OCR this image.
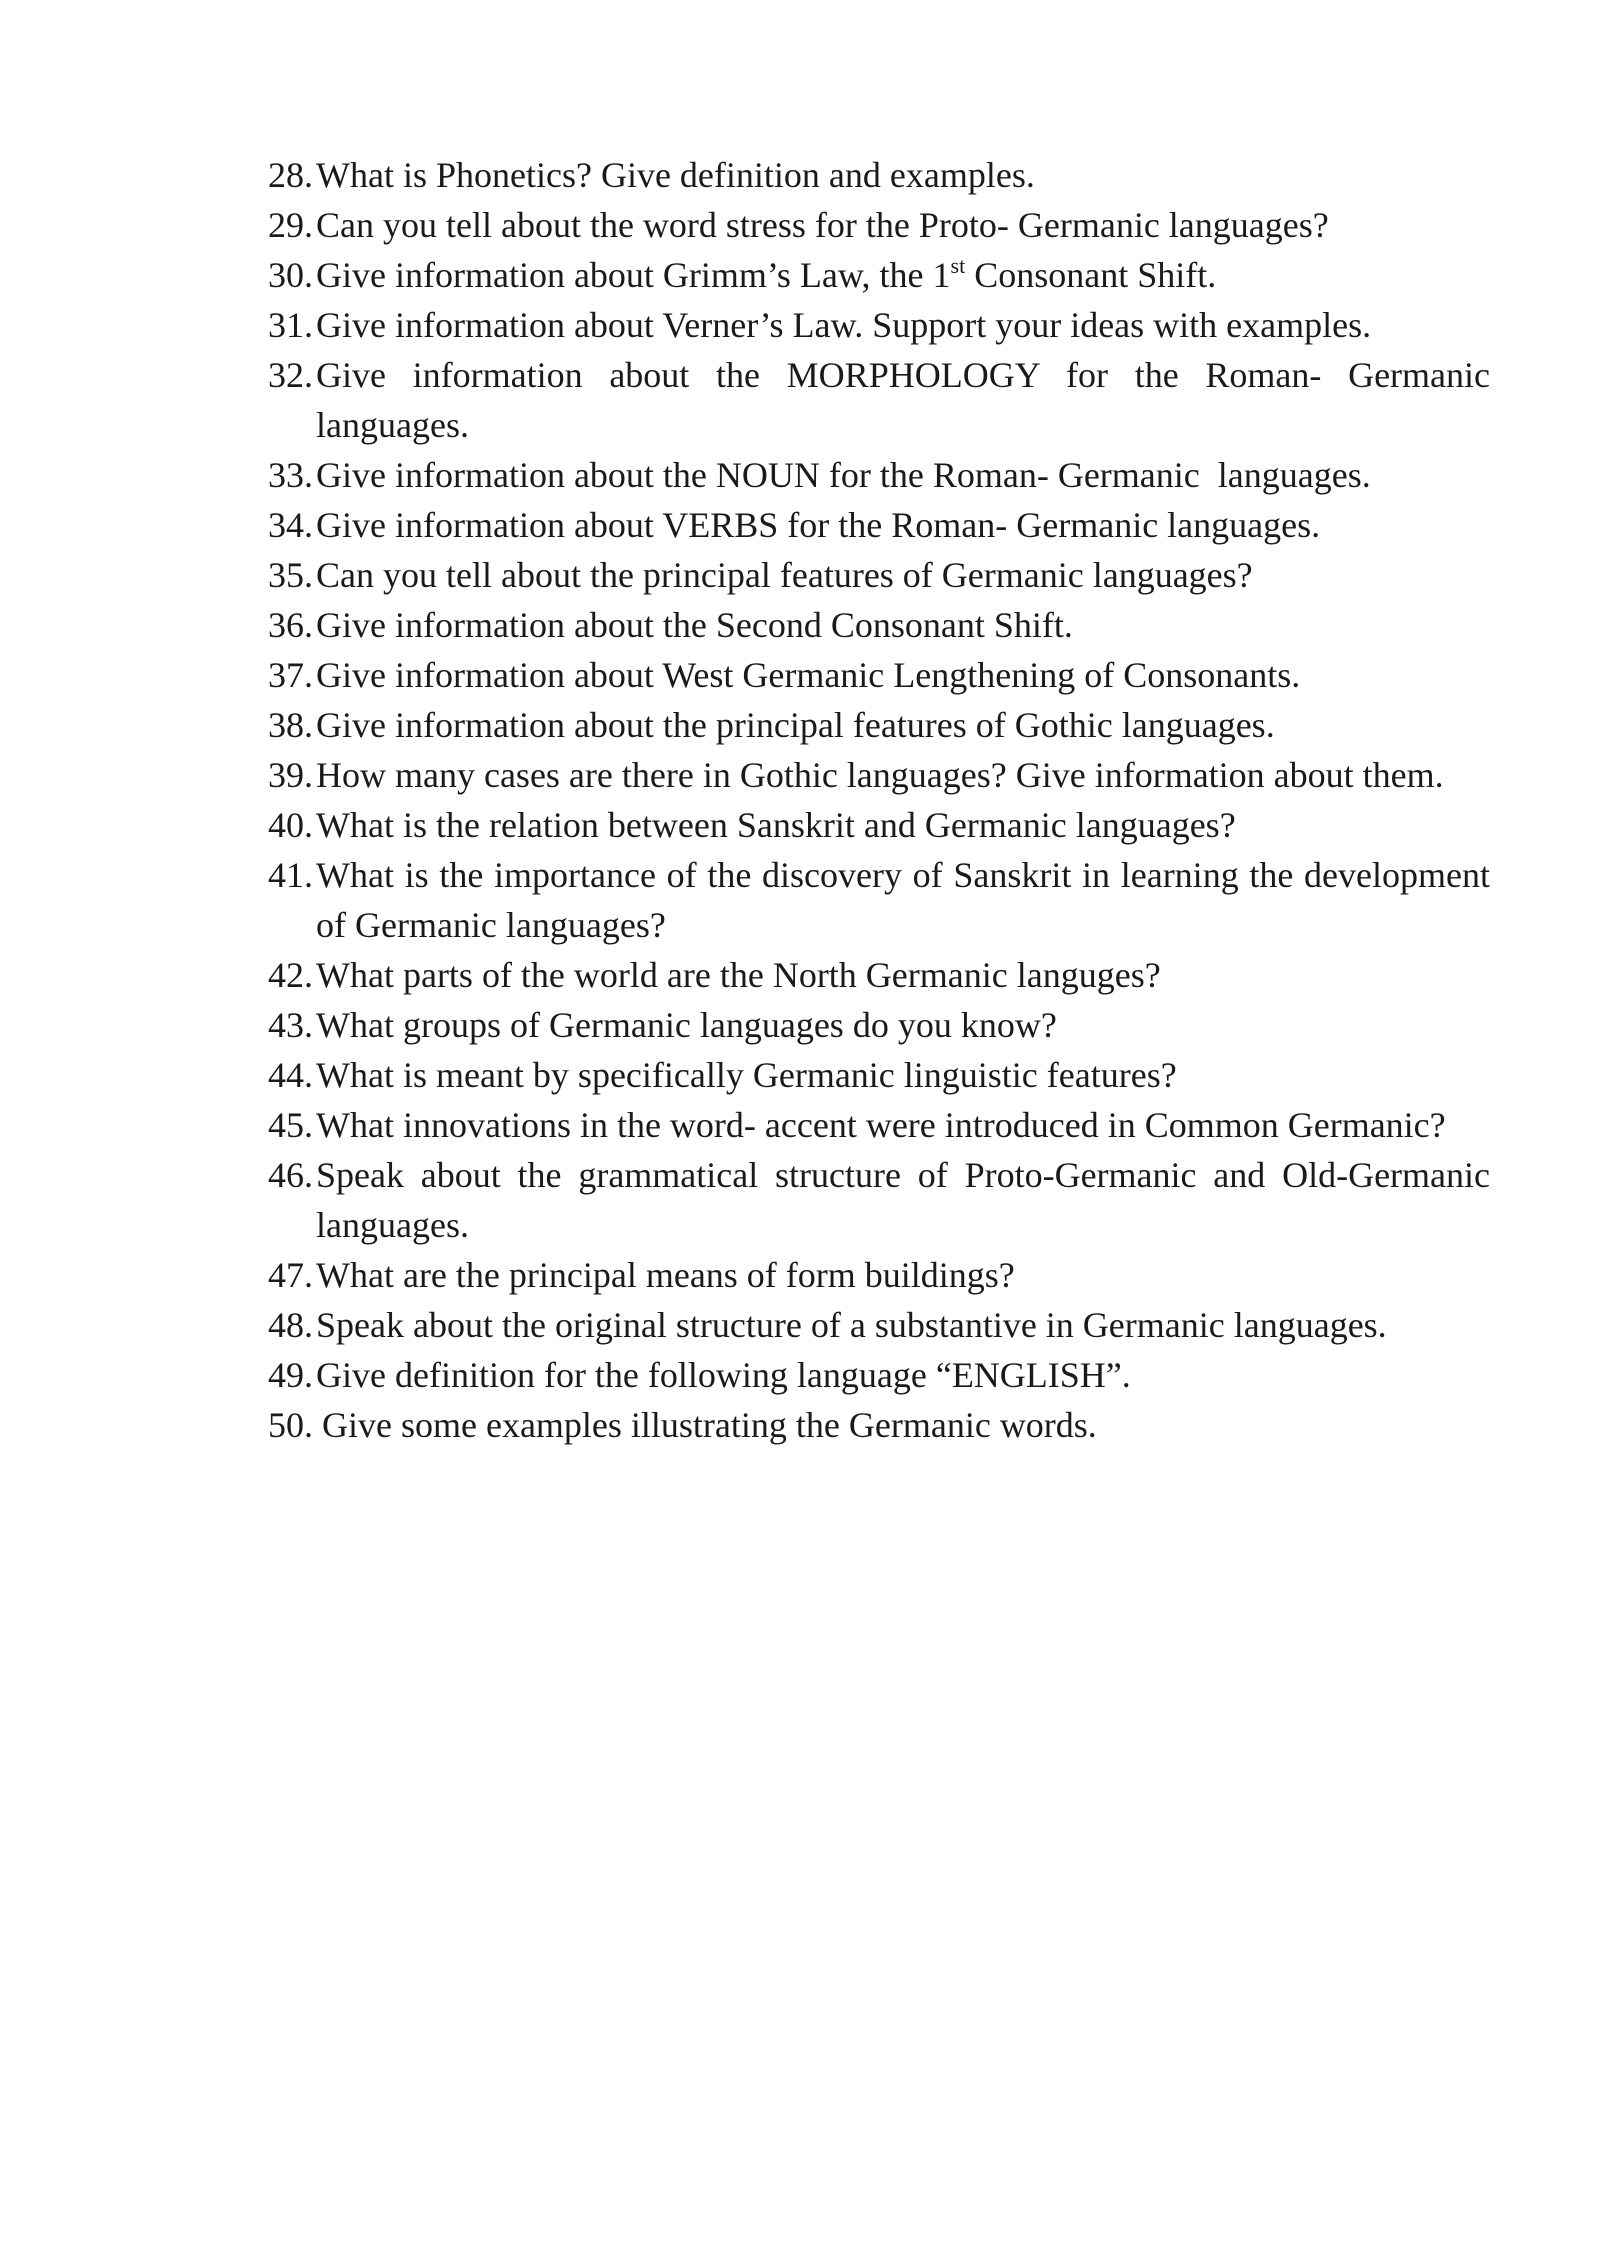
28. What is Phonetics? Give definition and examples.
29. Can you tell about the word stress for the Proto- Germanic languages?
30. Give information about Grimm’s Law, the 1st Consonant Shift.
31. Give information about Verner’s Law. Support your ideas with examples.
32. Give information about the MORPHOLOGY for the Roman- Germanic languages.
33. Give information about the NOUN for the Roman- Germanic  languages.
34. Give information about VERBS for the Roman- Germanic languages.
35. Can you tell about the principal features of Germanic languages?
36. Give information about the Second Consonant Shift.
37. Give information about West Germanic Lengthening of Consonants.
38. Give information about the principal features of Gothic languages.
39. How many cases are there in Gothic languages? Give information about them.
40. What is the relation between Sanskrit and Germanic languages?
41. What is the importance of the discovery of Sanskrit in learning the development of Germanic languages?
42. What parts of the world are the North Germanic languges?
43. What groups of Germanic languages do you know?
44. What is meant by specifically Germanic linguistic features?
45. What innovations in the word- accent were introduced in Common Germanic?
46. Speak about the grammatical structure of Proto-Germanic and Old-Germanic languages.
47. What are the principal means of form buildings?
48. Speak about the original structure of a substantive in Germanic languages.
49. Give definition for the following language “ENGLISH”.
50. Give some examples illustrating the Germanic words.
